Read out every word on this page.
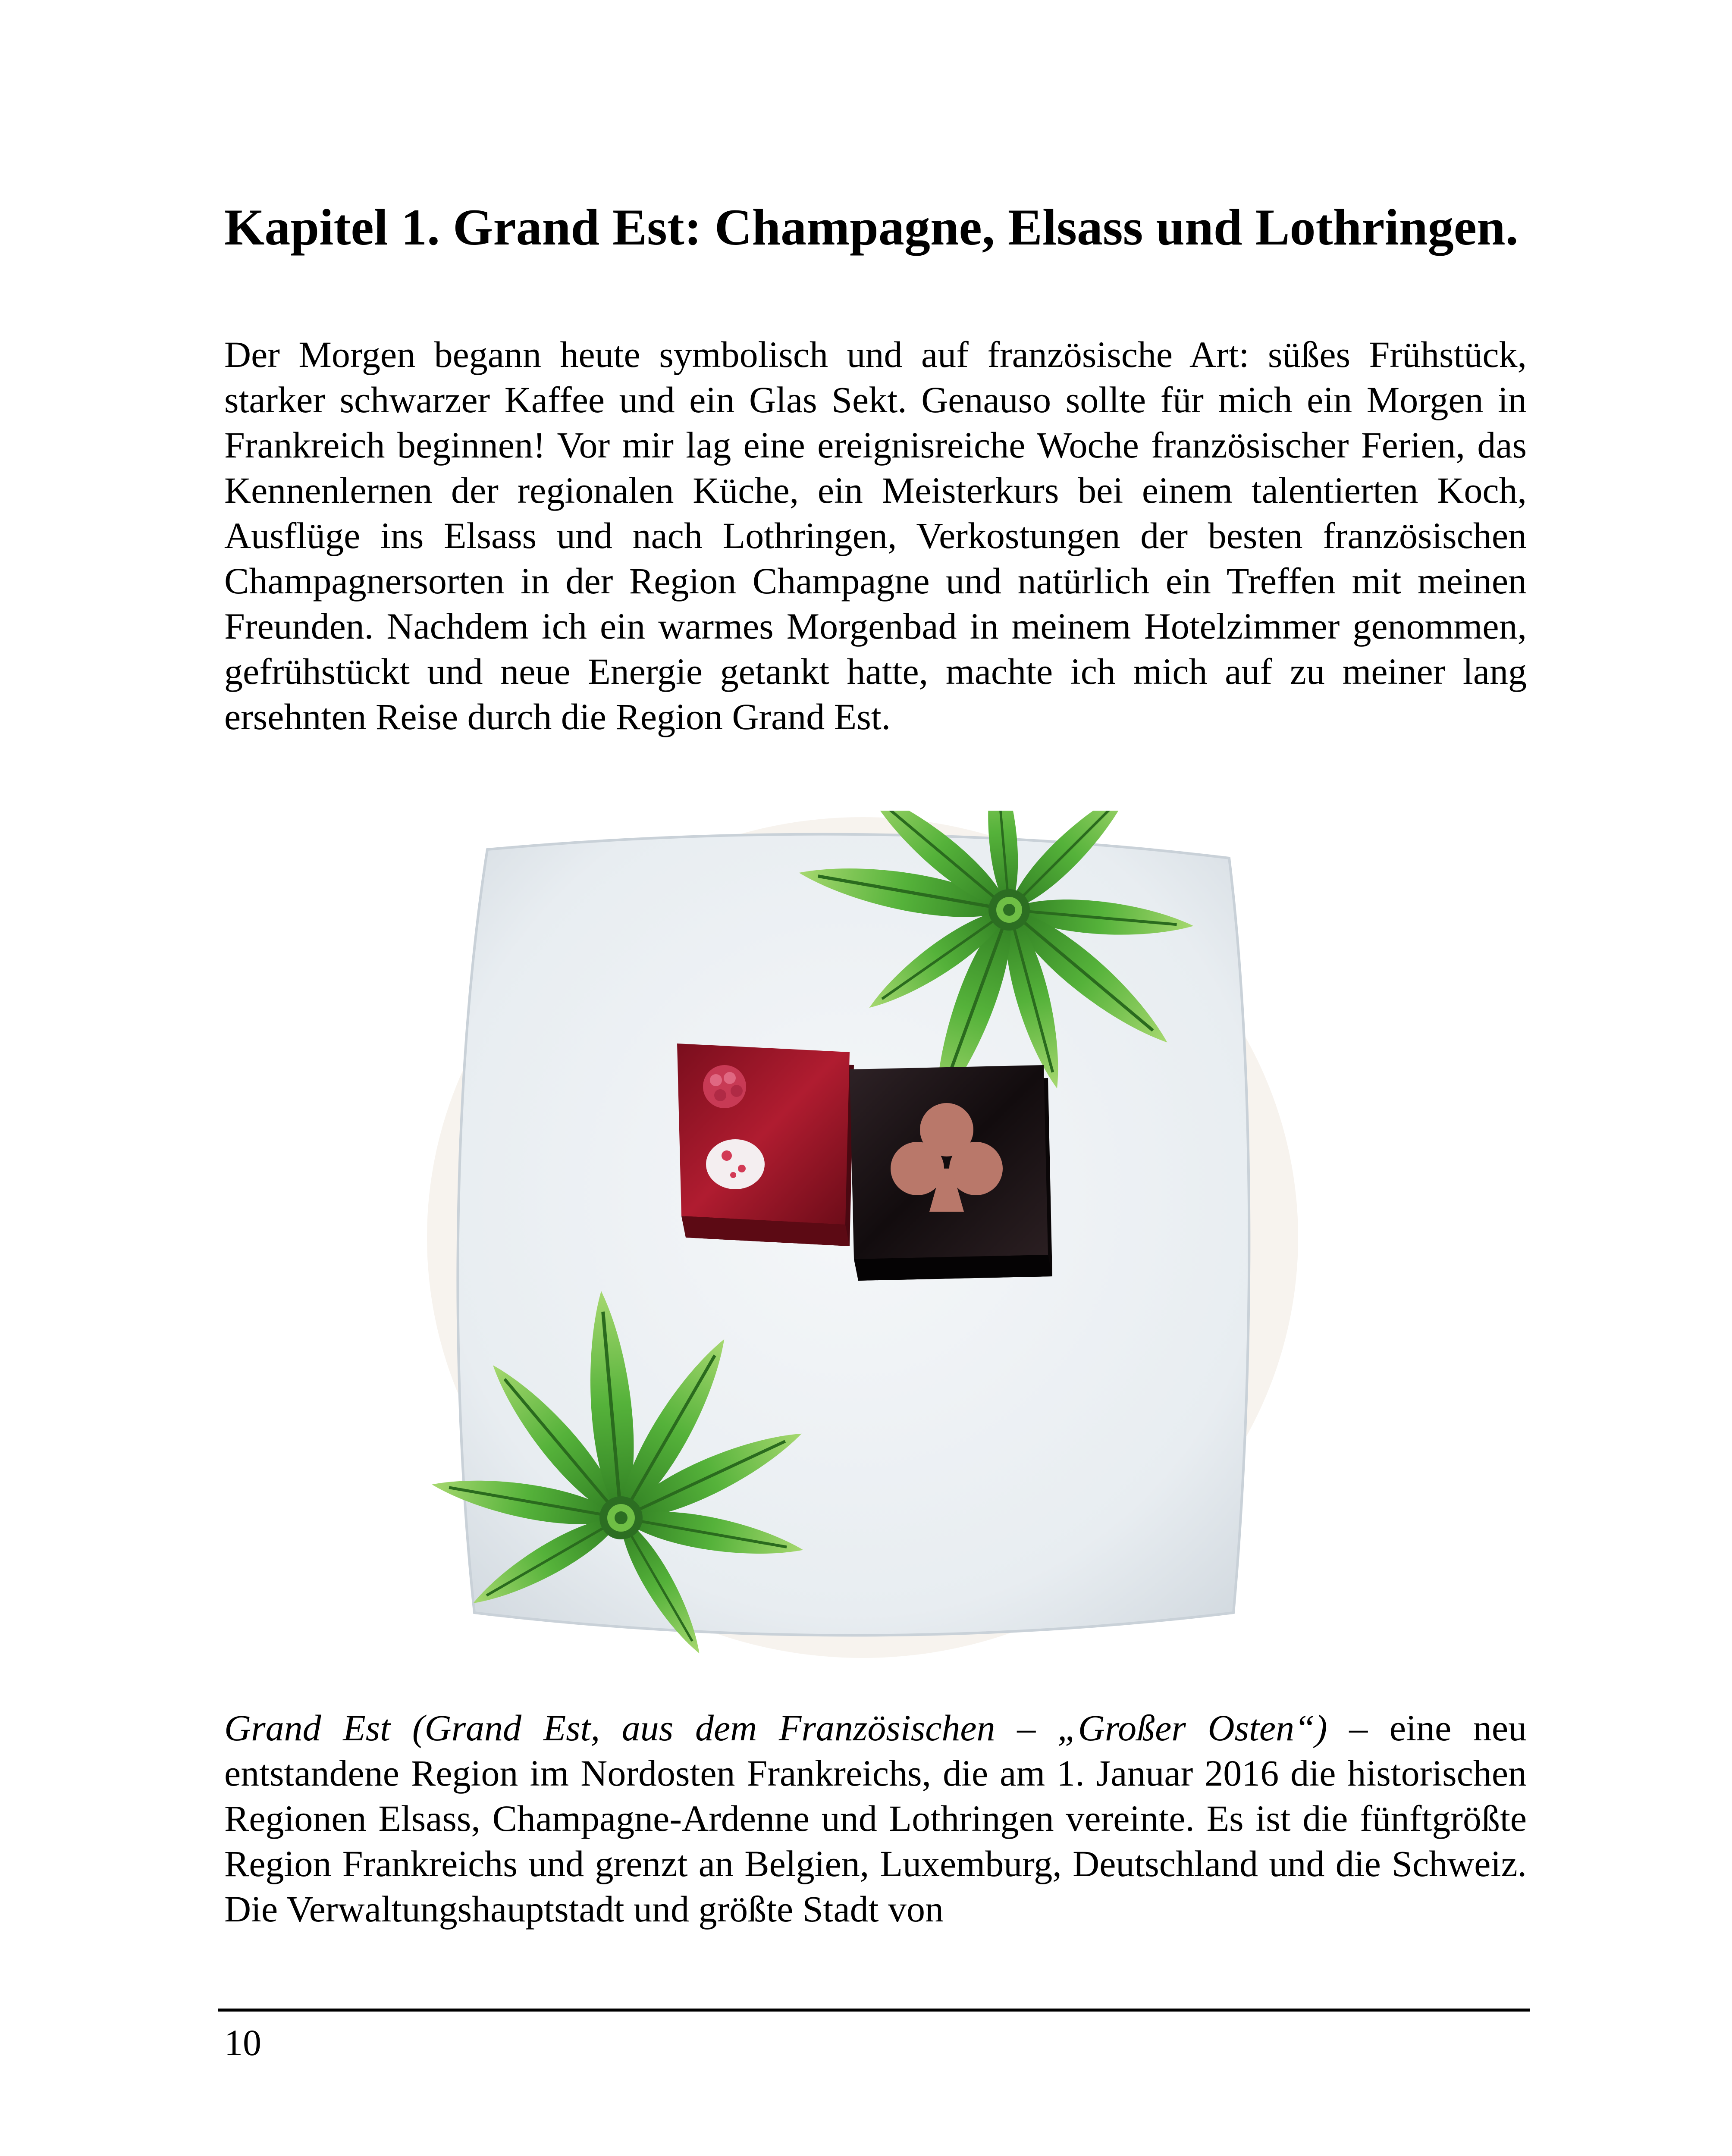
Kapitel 1. Grand Est: Champagne, Elsass und Lothringen.

Der Morgen begann heute symbolisch und auf französische Art: süßes Frühstück, starker schwarzer Kaffee und ein Glas Sekt. Genauso sollte für mich ein Morgen in Frankreich beginnen! Vor mir lag eine ereignisreiche Woche französischer Ferien, das Kennenlernen der regionalen Küche, ein Meisterkurs bei einem talentierten Koch, Ausflüge ins Elsass und nach Lothringen, Verkostungen der besten französischen Champagnersorten in der Region Champagne und natürlich ein Treffen mit meinen Freunden. Nachdem ich ein warmes Morgenbad in meinem Hotelzimmer genommen, gefrühstückt und neue Energie getankt hatte, machte ich mich auf zu meiner lang ersehnten Reise durch die Region Grand Est.

Grand Est (Grand Est, aus dem Französischen – „Großer Osten“) – eine neu entstandene Region im Nordosten Frankreichs, die am 1. Januar 2016 die historischen Regionen Elsass, Champagne-Ardenne und Lothringen vereinte. Es ist die fünftgrößte Region Frankreichs und grenzt an Belgien, Luxemburg, Deutschland und die Schweiz. Die Verwaltungshauptstadt und größte Stadt von

10
